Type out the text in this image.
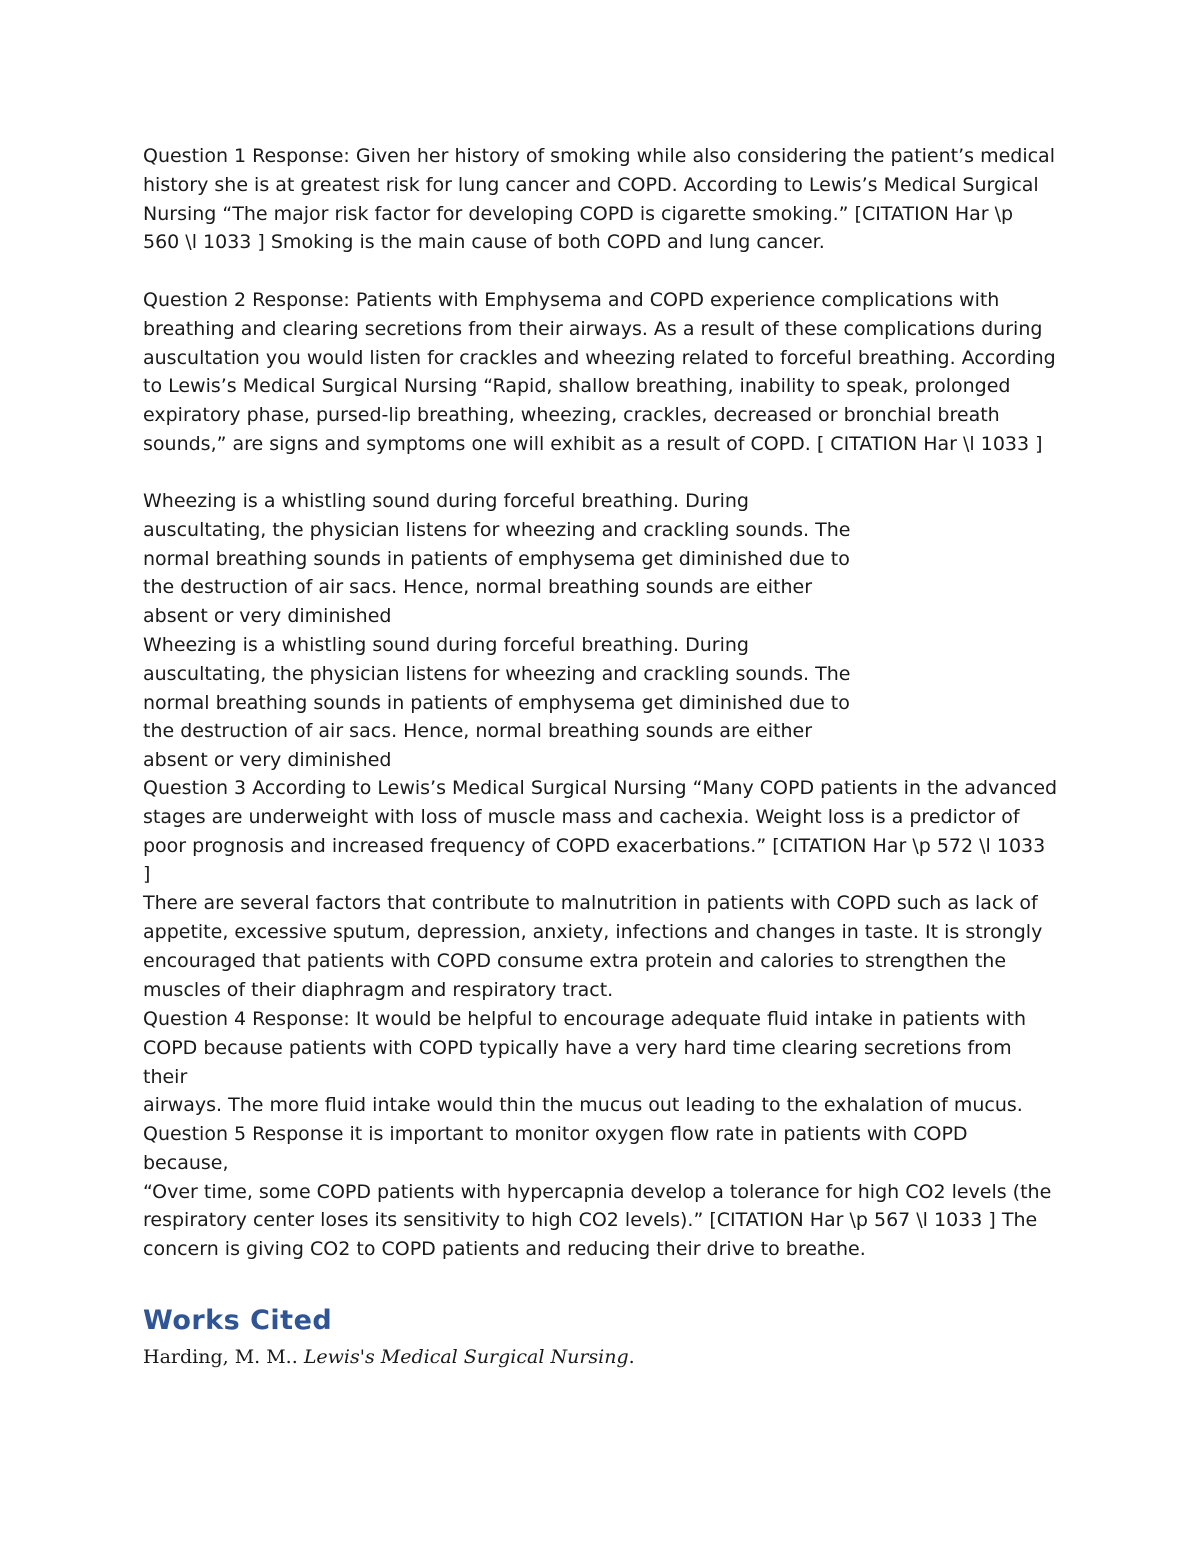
Question 1 Response: Given her history of smoking while also considering the patient’s medical
history she is at greatest risk for lung cancer and COPD. According to Lewis’s Medical Surgical
Nursing “The major risk factor for developing COPD is cigarette smoking.” [CITATION Har \p
560 \l 1033 ] Smoking is the main cause of both COPD and lung cancer.

Question 2 Response: Patients with Emphysema and COPD experience complications with
breathing and clearing secretions from their airways. As a result of these complications during
auscultation you would listen for crackles and wheezing related to forceful breathing. According
to Lewis’s Medical Surgical Nursing “Rapid, shallow breathing, inability to speak, prolonged
expiratory phase, pursed-lip breathing, wheezing, crackles, decreased or bronchial breath
sounds,” are signs and symptoms one will exhibit as a result of COPD. [ CITATION Har \l 1033 ]

Wheezing is a whistling sound during forceful breathing. During
auscultating, the physician listens for wheezing and crackling sounds. The
normal breathing sounds in patients of emphysema get diminished due to
the destruction of air sacs. Hence, normal breathing sounds are either
absent or very diminished

Wheezing is a whistling sound during forceful breathing. During
auscultating, the physician listens for wheezing and crackling sounds. The
normal breathing sounds in patients of emphysema get diminished due to
the destruction of air sacs. Hence, normal breathing sounds are either
absent or very diminished

Question 3 According to Lewis’s Medical Surgical Nursing “Many COPD patients in the advanced
stages are underweight with loss of muscle mass and cachexia. Weight loss is a predictor of
poor prognosis and increased frequency of COPD exacerbations.” [CITATION Har \p 572 \l 1033 ]
There are several factors that contribute to malnutrition in patients with COPD such as lack of
appetite, excessive sputum, depression, anxiety, infections and changes in taste. It is strongly
encouraged that patients with COPD consume extra protein and calories to strengthen the
muscles of their diaphragm and respiratory tract.

Question 4 Response: It would be helpful to encourage adequate fluid intake in patients with
COPD because patients with COPD typically have a very hard time clearing secretions from their
airways. The more fluid intake would thin the mucus out leading to the exhalation of mucus.

Question 5 Response it is important to monitor oxygen flow rate in patients with COPD because,
“Over time, some COPD patients with hypercapnia develop a tolerance for high CO2 levels (the
respiratory center loses its sensitivity to high CO2 levels).” [CITATION Har \p 567 \l 1033 ] The
concern is giving CO2 to COPD patients and reducing their drive to breathe.

Works Cited

Harding, M. M.. Lewis's Medical Surgical Nursing.
